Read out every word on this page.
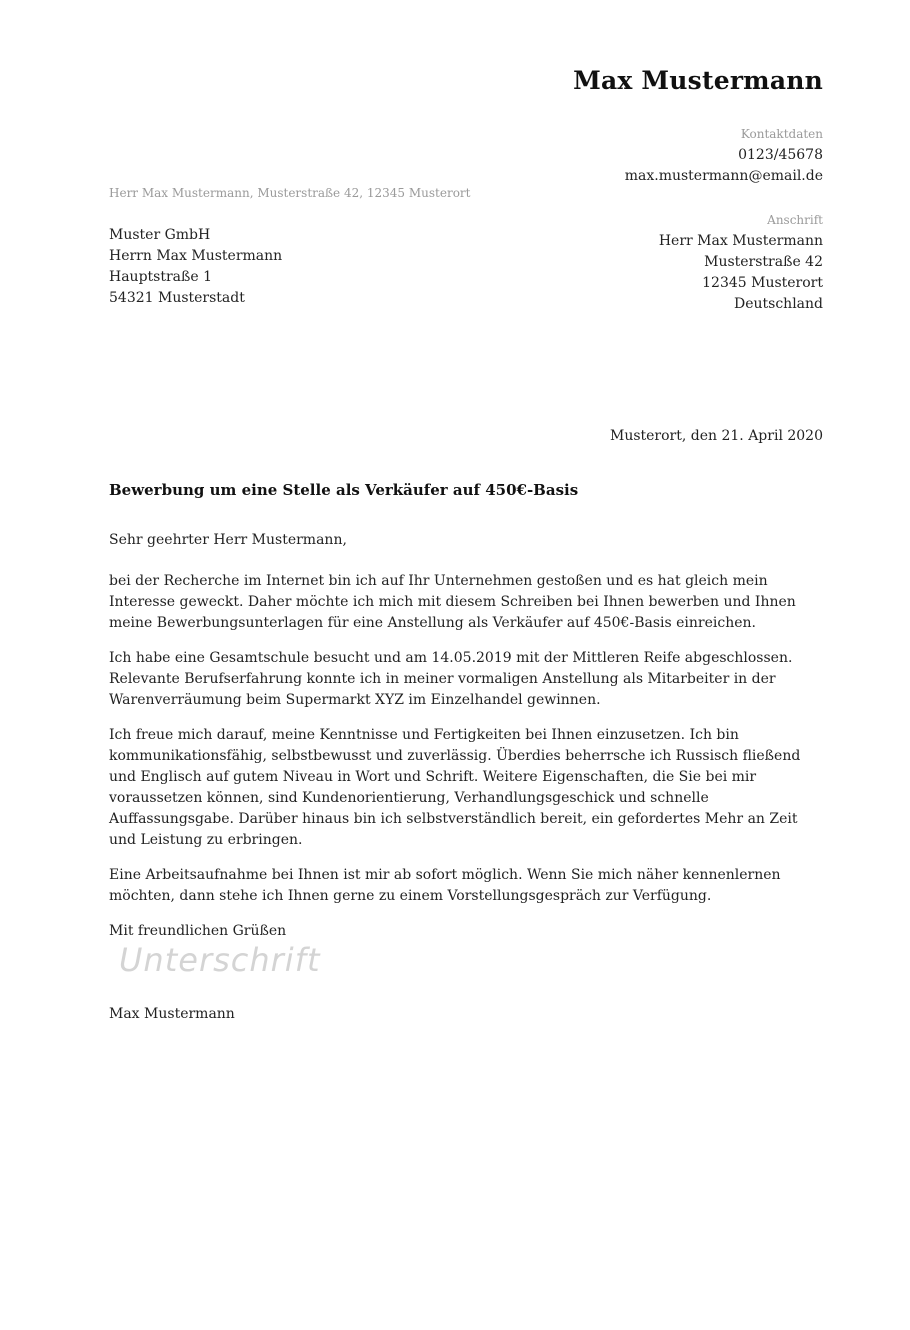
Max Mustermann
Kontaktdaten
0123/45678
max.mustermann@email.de
Herr Max Mustermann, Musterstraße 42, 12345 Musterort
Anschrift
Herr Max Mustermann
Musterstraße 42
12345 Musterort
Deutschland
Muster GmbH
Herrn Max Mustermann
Hauptstraße 1
54321 Musterstadt
Musterort, den 21. April 2020
Bewerbung um eine Stelle als Verkäufer auf 450€-Basis

Sehr geehrter Herr Mustermann,

bei der Recherche im Internet bin ich auf Ihr Unternehmen gestoßen und es hat gleich mein Interesse geweckt. Daher möchte ich mich mit diesem Schreiben bei Ihnen bewerben und Ihnen meine Bewerbungsunterlagen für eine Anstellung als Verkäufer auf 450€-Basis einreichen.

Ich habe eine Gesamtschule besucht und am 14.05.2019 mit der Mittleren Reife abgeschlossen. Relevante Berufserfahrung konnte ich in meiner vormaligen Anstellung als Mitarbeiter in der Warenverräumung beim Supermarkt XYZ im Einzelhandel gewinnen.

Ich freue mich darauf, meine Kenntnisse und Fertigkeiten bei Ihnen einzusetzen. Ich bin kommunikationsfähig, selbstbewusst und zuverlässig. Überdies beherrsche ich Russisch fließend und Englisch auf gutem Niveau in Wort und Schrift. Weitere Eigenschaften, die Sie bei mir voraussetzen können, sind Kundenorientierung, Verhandlungsgeschick und schnelle Auffassungsgabe. Darüber hinaus bin ich selbstverständlich bereit, ein gefordertes Mehr an Zeit und Leistung zu erbringen.

Eine Arbeitsaufnahme bei Ihnen ist mir ab sofort möglich. Wenn Sie mich näher kennenlernen möchten, dann stehe ich Ihnen gerne zu einem Vorstellungsgespräch zur Verfügung.

Mit freundlichen Grüßen

Unterschrift

Max Mustermann
